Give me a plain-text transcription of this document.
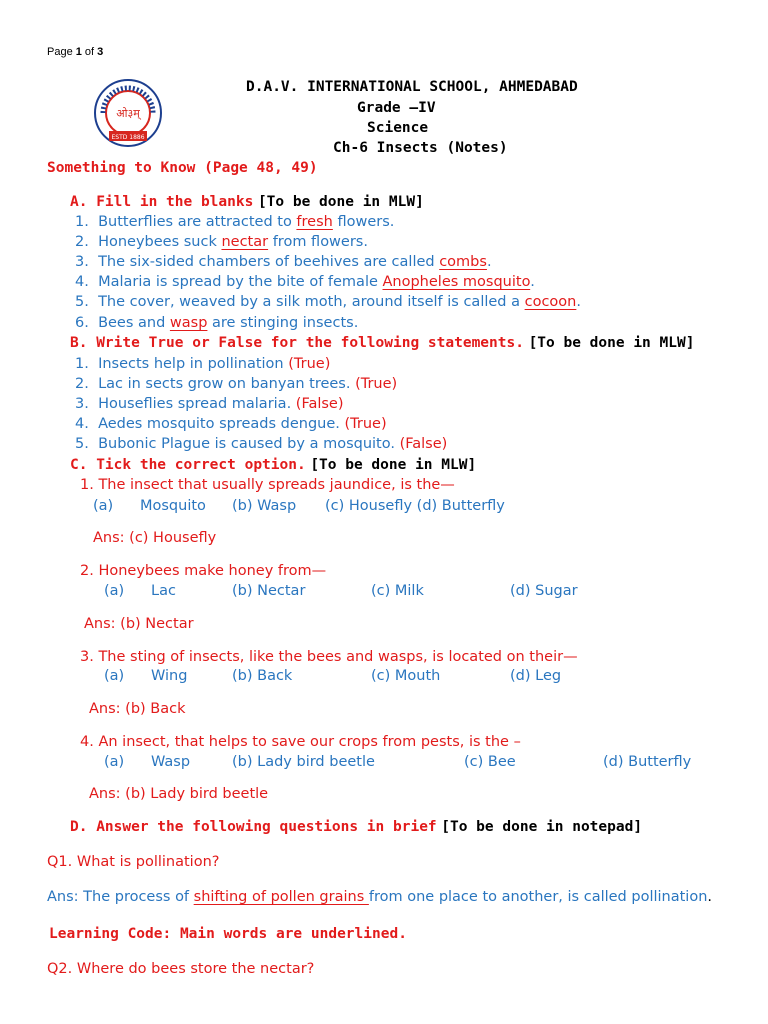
Page 1 of 3
ओ३म्
ESTD 1886
D.A.V. INTERNATIONAL SCHOOL, AHMEDABAD
Grade –IV
Science
Ch-6 Insects (Notes)
Something to Know (Page 48, 49)
A. Fill in the blanks [To be done in MLW]
1. Butterflies are attracted to fresh flowers.
2. Honeybees suck nectar from flowers.
3. The six-sided chambers of beehives are called combs.
4. Malaria is spread by the bite of female Anopheles mosquito.
5. The cover, weaved by a silk moth, around itself is called a cocoon.
6. Bees and wasp are stinging insects.
B. Write True or False for the following statements. [To be done in MLW]
1. Insects help in pollination (True)
2. Lac in sects grow on banyan trees. (True)
3. Houseflies spread malaria. (False)
4. Aedes mosquito spreads dengue. (True)
5. Bubonic Plague is caused by a mosquito. (False)
C. Tick the correct option. [To be done in MLW]
1. The insect that usually spreads jaundice, is the—
(a) Mosquito (b) Wasp (c) Housefly (d) Butterfly
Ans: (c) Housefly
2. Honeybees make honey from—
(a) Lac	(b) Nectar	(c) Milk	(d) Sugar
Ans: (b) Nectar
3. The sting of insects, like the bees and wasps, is located on their—
(a) Wing	(b) Back	(c) Mouth	(d) Leg
Ans: (b) Back
4. An insect, that helps to save our crops from pests, is the –
(a) Wasp	(b) Lady bird beetle	(c) Bee	(d) Butterfly
Ans: (b) Lady bird beetle
D. Answer the following questions in brief [To be done in notepad]
Q1. What is pollination?
Ans: The process of shifting of pollen grains from one place to another, is called pollination.
Learning Code: Main words are underlined.
Q2. Where do bees store the nectar?
